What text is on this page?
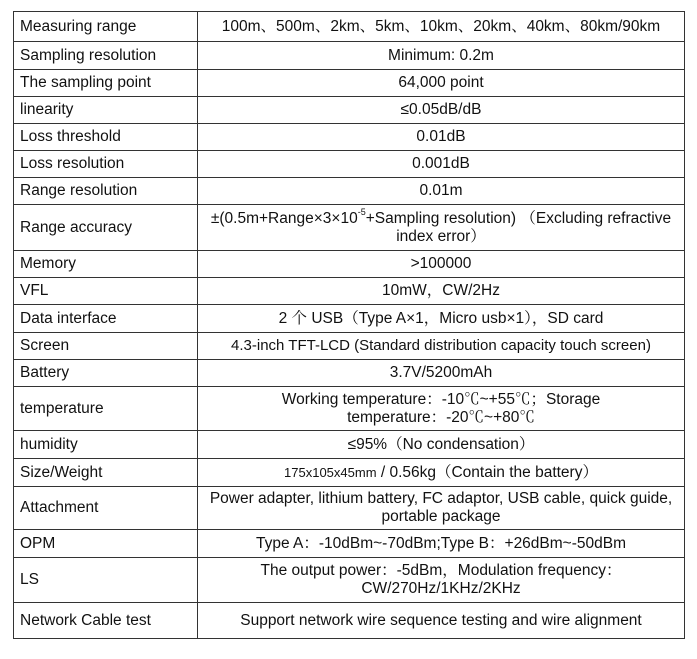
Measuring range	100m、500m、2km、5km、10km、20km、40km、80km/90km
Sampling resolution	Minimum: 0.2m
The sampling point	64,000 point
linearity	≤0.05dB/dB
Loss threshold	0.01dB
Loss resolution	0.001dB
Range resolution	0.01m
Range accuracy	$\pm(0.5m+Range\times 3\times 10^{-5}+Sampling$ resolution) （Excluding refractive index error）
Memory	>100000
VFL	10mW，CW/2Hz
Data interface	2 个 USB（Type A×1，Micro usb×1），SD card
Screen	4.3-inch TFT-LCD (Standard distribution capacity touch screen)
Battery	3.7V/5200mAh
temperature	Working temperature：-10℃~+55℃；Storage temperature：-20℃~+80℃
humidity	≤95%（No condensation）
Size/Weight	175x105x45mm / 0.56kg（Contain the battery）
Attachment	Power adapter, lithium battery, FC adaptor, USB cable, quick guide, portable package
OPM	Type A：-10dBm~-70dBm;Type B：+26dBm~-50dBm
LS	The output power：-5dBm，Modulation frequency：CW/270Hz/1KHz/2KHz
Network Cable test	Support network wire sequence testing and wire alignment
